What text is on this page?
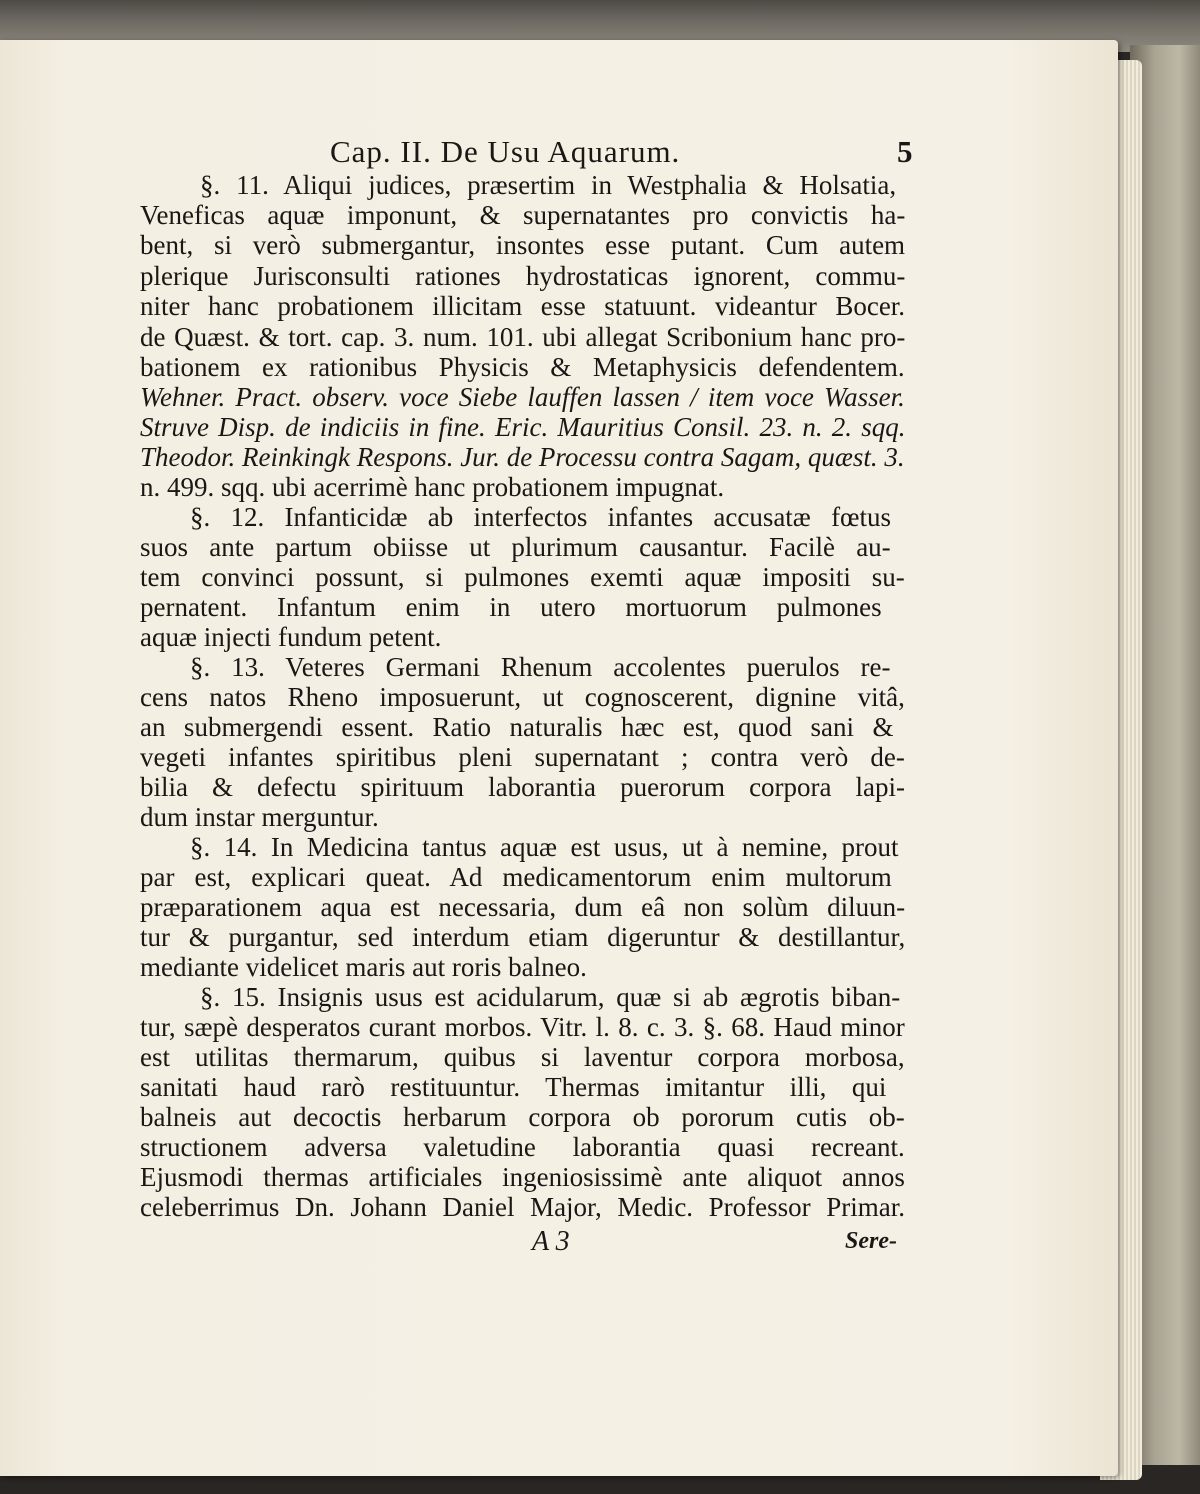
Cap. II. De Usu Aquarum.	5
§. 11. Aliqui judices, præsertim in Westphalia & Holsatia,
Veneficas aquæ imponunt, & supernatantes pro convictis ha-
bent, si verò submergantur, insontes esse putant. Cum autem
plerique Jurisconsulti rationes hydrostaticas ignorent, commu-
niter hanc probationem illicitam esse statuunt. videantur Bocer.
de Quæst. & tort. cap. 3. num. 101. ubi allegat Scribonium hanc pro-
bationem ex rationibus Physicis & Metaphysicis defendentem.
Wehner. Pract. observ. voce Siebe lauffen lassen / item voce Wasser.
Struve Disp. de indiciis in fine. Eric. Mauritius Consil. 23. n. 2. sqq.
Theodor. Reinkingk Respons. Jur. de Processu contra Sagam, quæst. 3.
n. 499. sqq. ubi acerrimè hanc probationem impugnat.
§. 12. Infanticidæ ab interfectos infantes accusatæ fœtus
suos ante partum obiisse ut plurimum causantur. Facilè au-
tem convinci possunt, si pulmones exemti aquæ impositi su-
pernatent. Infantum enim in utero mortuorum pulmones
aquæ injecti fundum petent.
§. 13. Veteres Germani Rhenum accolentes puerulos re-
cens natos Rheno imposuerunt, ut cognoscerent, dignine vitâ,
an submergendi essent. Ratio naturalis hæc est, quod sani &
vegeti infantes spiritibus pleni supernatant ; contra verò de-
bilia & defectu spirituum laborantia puerorum corpora lapi-
dum instar merguntur.
§. 14. In Medicina tantus aquæ est usus, ut à nemine, prout
par est, explicari queat. Ad medicamentorum enim multorum
præparationem aqua est necessaria, dum eâ non solùm diluun-
tur & purgantur, sed interdum etiam digeruntur & destillantur,
mediante videlicet maris aut roris balneo.
§. 15. Insignis usus est acidularum, quæ si ab ægrotis biban-
tur, sæpè desperatos curant morbos. Vitr. l. 8. c. 3. §. 68. Haud minor
est utilitas thermarum, quibus si laventur corpora morbosa,
sanitati haud rarò restituuntur. Thermas imitantur illi, qui
balneis aut decoctis herbarum corpora ob pororum cutis ob-
structionem adversa valetudine laborantia quasi recreant.
Ejusmodi thermas artificiales ingeniosissimè ante aliquot annos
celeberrimus Dn. Johann Daniel Major, Medic. Professor Primar.
A 3	Sere-
